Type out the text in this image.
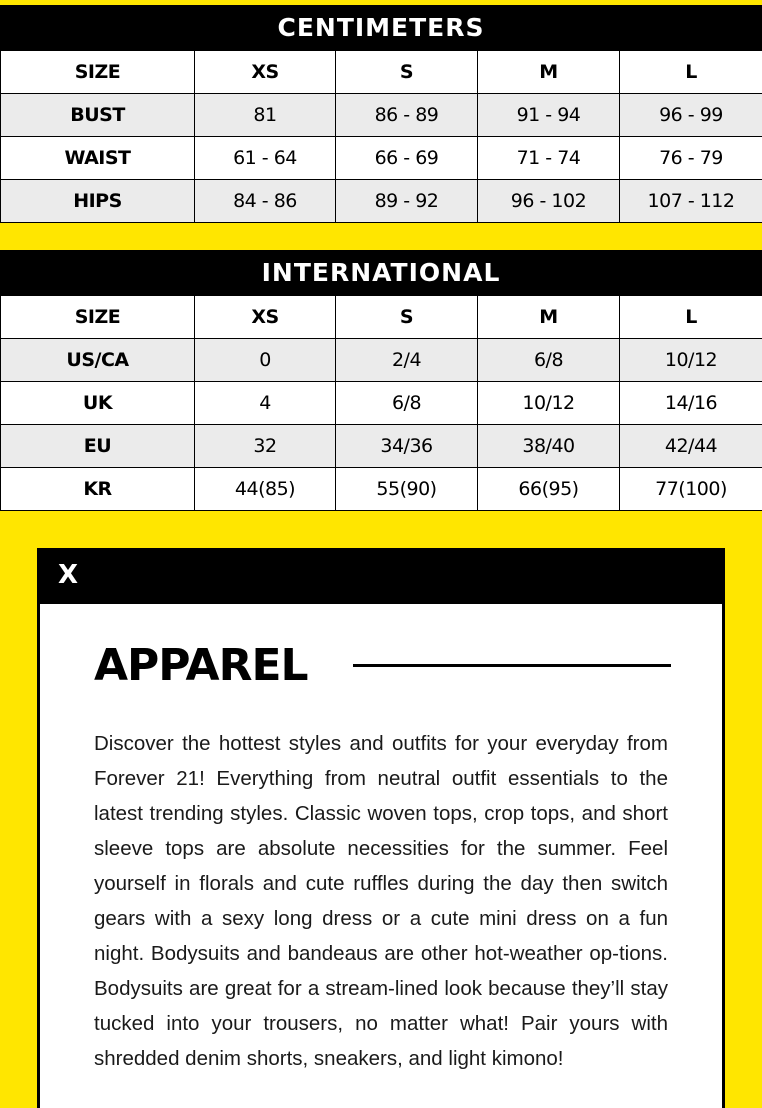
CENTIMETERS
SIZE	XS	S	M	L
BUST	81	86 - 89	91 - 94	96 - 99
WAIST	61 - 64	66 - 69	71 - 74	76 - 79
HIPS	84 - 86	89 - 92	96 - 102	107 - 112
INTERNATIONAL
SIZE	XS	S	M	L
US/CA	0	2/4	6/8	10/12
UK	4	6/8	10/12	14/16
EU	32	34/36	38/40	42/44
KR	44(85)	55(90)	66(95)	77(100)
X
APPAREL

Discover the hottest styles and outfits for your everyday from Forever 21! Everything from neutral outfit essentials to the latest trending styles. Classic woven tops, crop tops, and short sleeve tops are absolute necessities for the summer. Feel yourself in florals and cute ruffles during the day then switch gears with a sexy long dress or a cute mini dress on a fun night. Bodysuits and bandeaus are other hot-weather op-tions. Bodysuits are great for a stream-lined look because they’ll stay tucked into your trousers, no matter what! Pair yours with shredded denim shorts, sneakers, and light kimono!
